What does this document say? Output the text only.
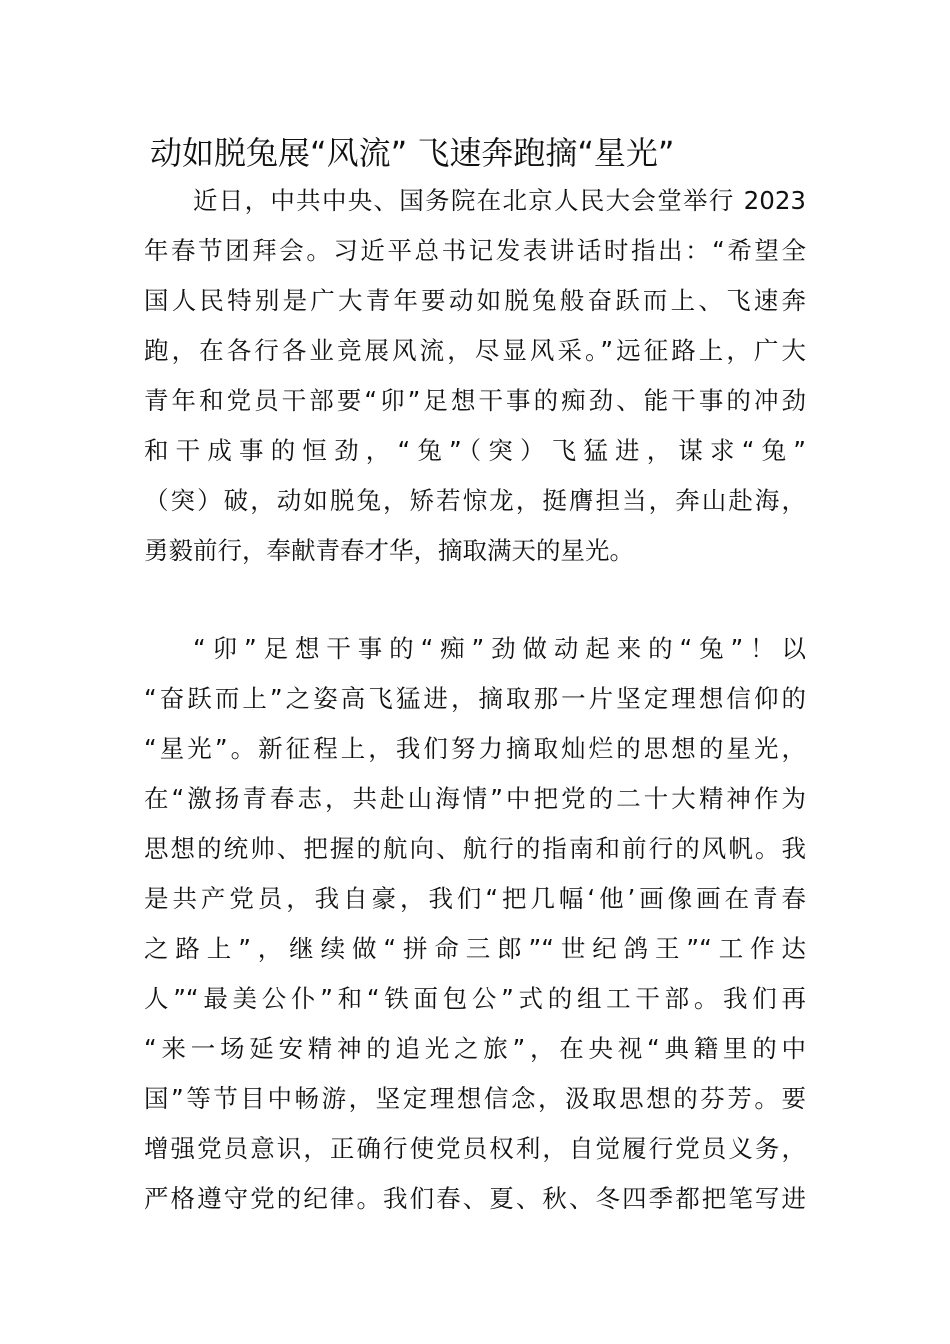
动如脱兔展“风流” 飞速奔跑摘“星光”
近日，中共中央、国务院在北京人民大会堂举行 2023
年春节团拜会。习近平总书记发表讲话时指出：“希望全
国人民特别是广大青年要动如脱兔般奋跃而上、飞速奔
跑，在各行各业竞展风流，尽显风采。”远征路上，广大
青年和党员干部要“卯”足想干事的痴劲、能干事的冲劲
和干成事的恒劲，“兔”（突）飞猛进，谋求“兔”
（突）破，动如脱兔，矫若惊龙，挺膺担当，奔山赴海，
勇毅前行，奉献青春才华，摘取满天的星光。
“卯”足想干事的“痴”劲做动起来的“兔”！以
“奋跃而上”之姿高飞猛进，摘取那一片坚定理想信仰的
“星光”。新征程上，我们努力摘取灿烂的思想的星光，
在“激扬青春志，共赴山海情”中把党的二十大精神作为
思想的统帅、把握的航向、航行的指南和前行的风帆。我
是共产党员，我自豪，我们“把几幅‘他’画像画在青春
之路上”，继续做“拼命三郎”“世纪鸽王”“工作达
人”“最美公仆”和“铁面包公”式的组工干部。我们再
“来一场延安精神的追光之旅”，在央视“典籍里的中
国”等节目中畅游，坚定理想信念，汲取思想的芬芳。要
增强党员意识，正确行使党员权利，自觉履行党员义务，
严格遵守党的纪律。我们春、夏、秋、冬四季都把笔写进
